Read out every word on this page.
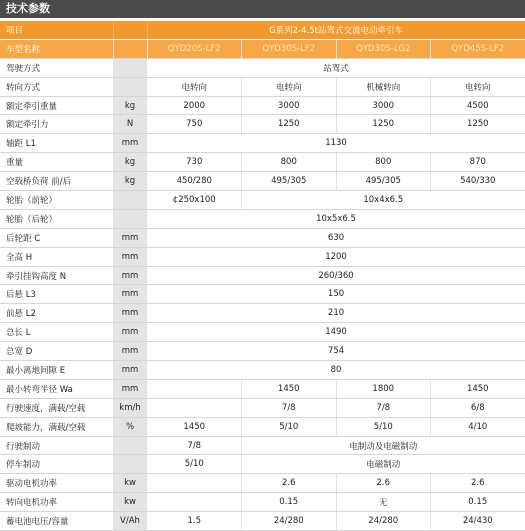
技术参数
项目		G系列2-4.5t站驾式交流电动牵引车			
车型名称		QYD20S-LF2	QYD30S-LF2	QYD30S-LG2	QYD45S-LF2
驾驶方式		站驾式			
转向方式		电转向	电转向	机械转向	电转向
额定牵引重量	kg	2000	3000	3000	4500
额定牵引力	N	750	1250	1250	1250
轴距 L1	mm	1130			
重量	kg	730	800	800	870
空载桥负荷 前/后	kg	450/280	495/305	495/305	540/330
轮胎（前轮）		¢250x100	10x4x6.5		
轮胎（后轮）		10x5x6.5			
后轮距 C	mm	630			
全高 H	mm	1200			
牵引挂钩高度 N	mm	260/360			
后悬 L3	mm	150			
前悬 L2	mm	210			
总长 L	mm	1490			
总宽 D	mm	754			
最小离地间隙 E	mm	80			
最小转弯半径 Wa	mm		1450	1800	1450
行驶速度，满载/空载	km/h		7/8	7/8	6/8
爬坡能力，满载/空载	%	1450	5/10	5/10	4/10
行驶制动		7/8	电制动及电磁制动		
停车制动		5/10	电磁制动		
驱动电机功率	kw		2.6	2.6	2.6
转向电机功率	kw		0.15	无	0.15
蓄电池电压/容量	V/Ah	1.5	24/280	24/280	24/430
